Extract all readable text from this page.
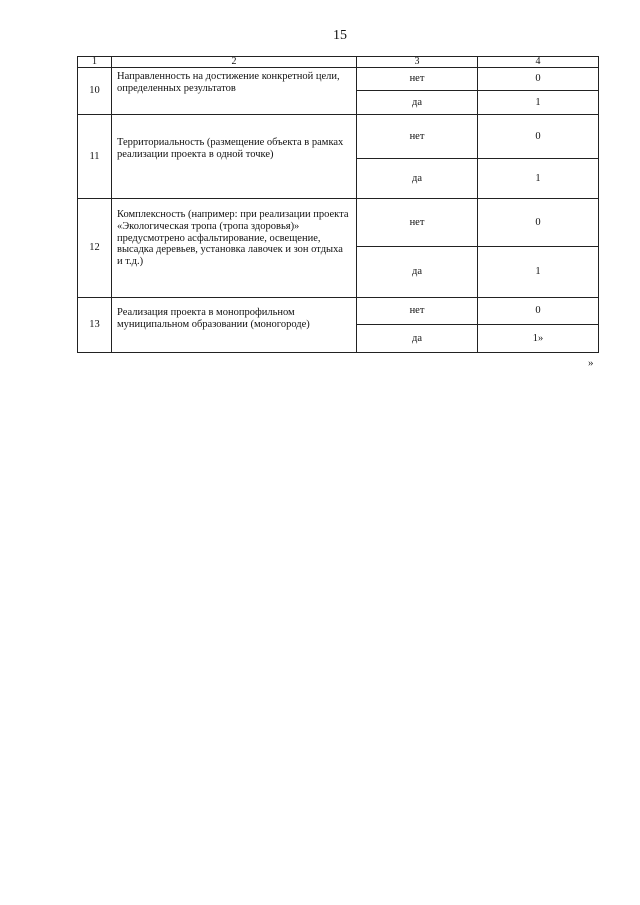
15
1	2	3	4
10	Направленность на достижение конкретной цели, определенных результатов	нет	0
		да	1
11	Территориальность (размещение объекта в рамках реализации проекта в одной точке)	нет	0
		да	1
12	Комплексность (например: при реализации проекта «Экологическая тропа (тропа здоровья)» предусмотрено асфальтирование, освещение, высадка деревьев, установка лавочек и зон отдыха и т.д.)	нет	0
		да	1
13	Реализация проекта в монопрофильном муниципальном образовании (моногороде)	нет	0
		да	1»
»
